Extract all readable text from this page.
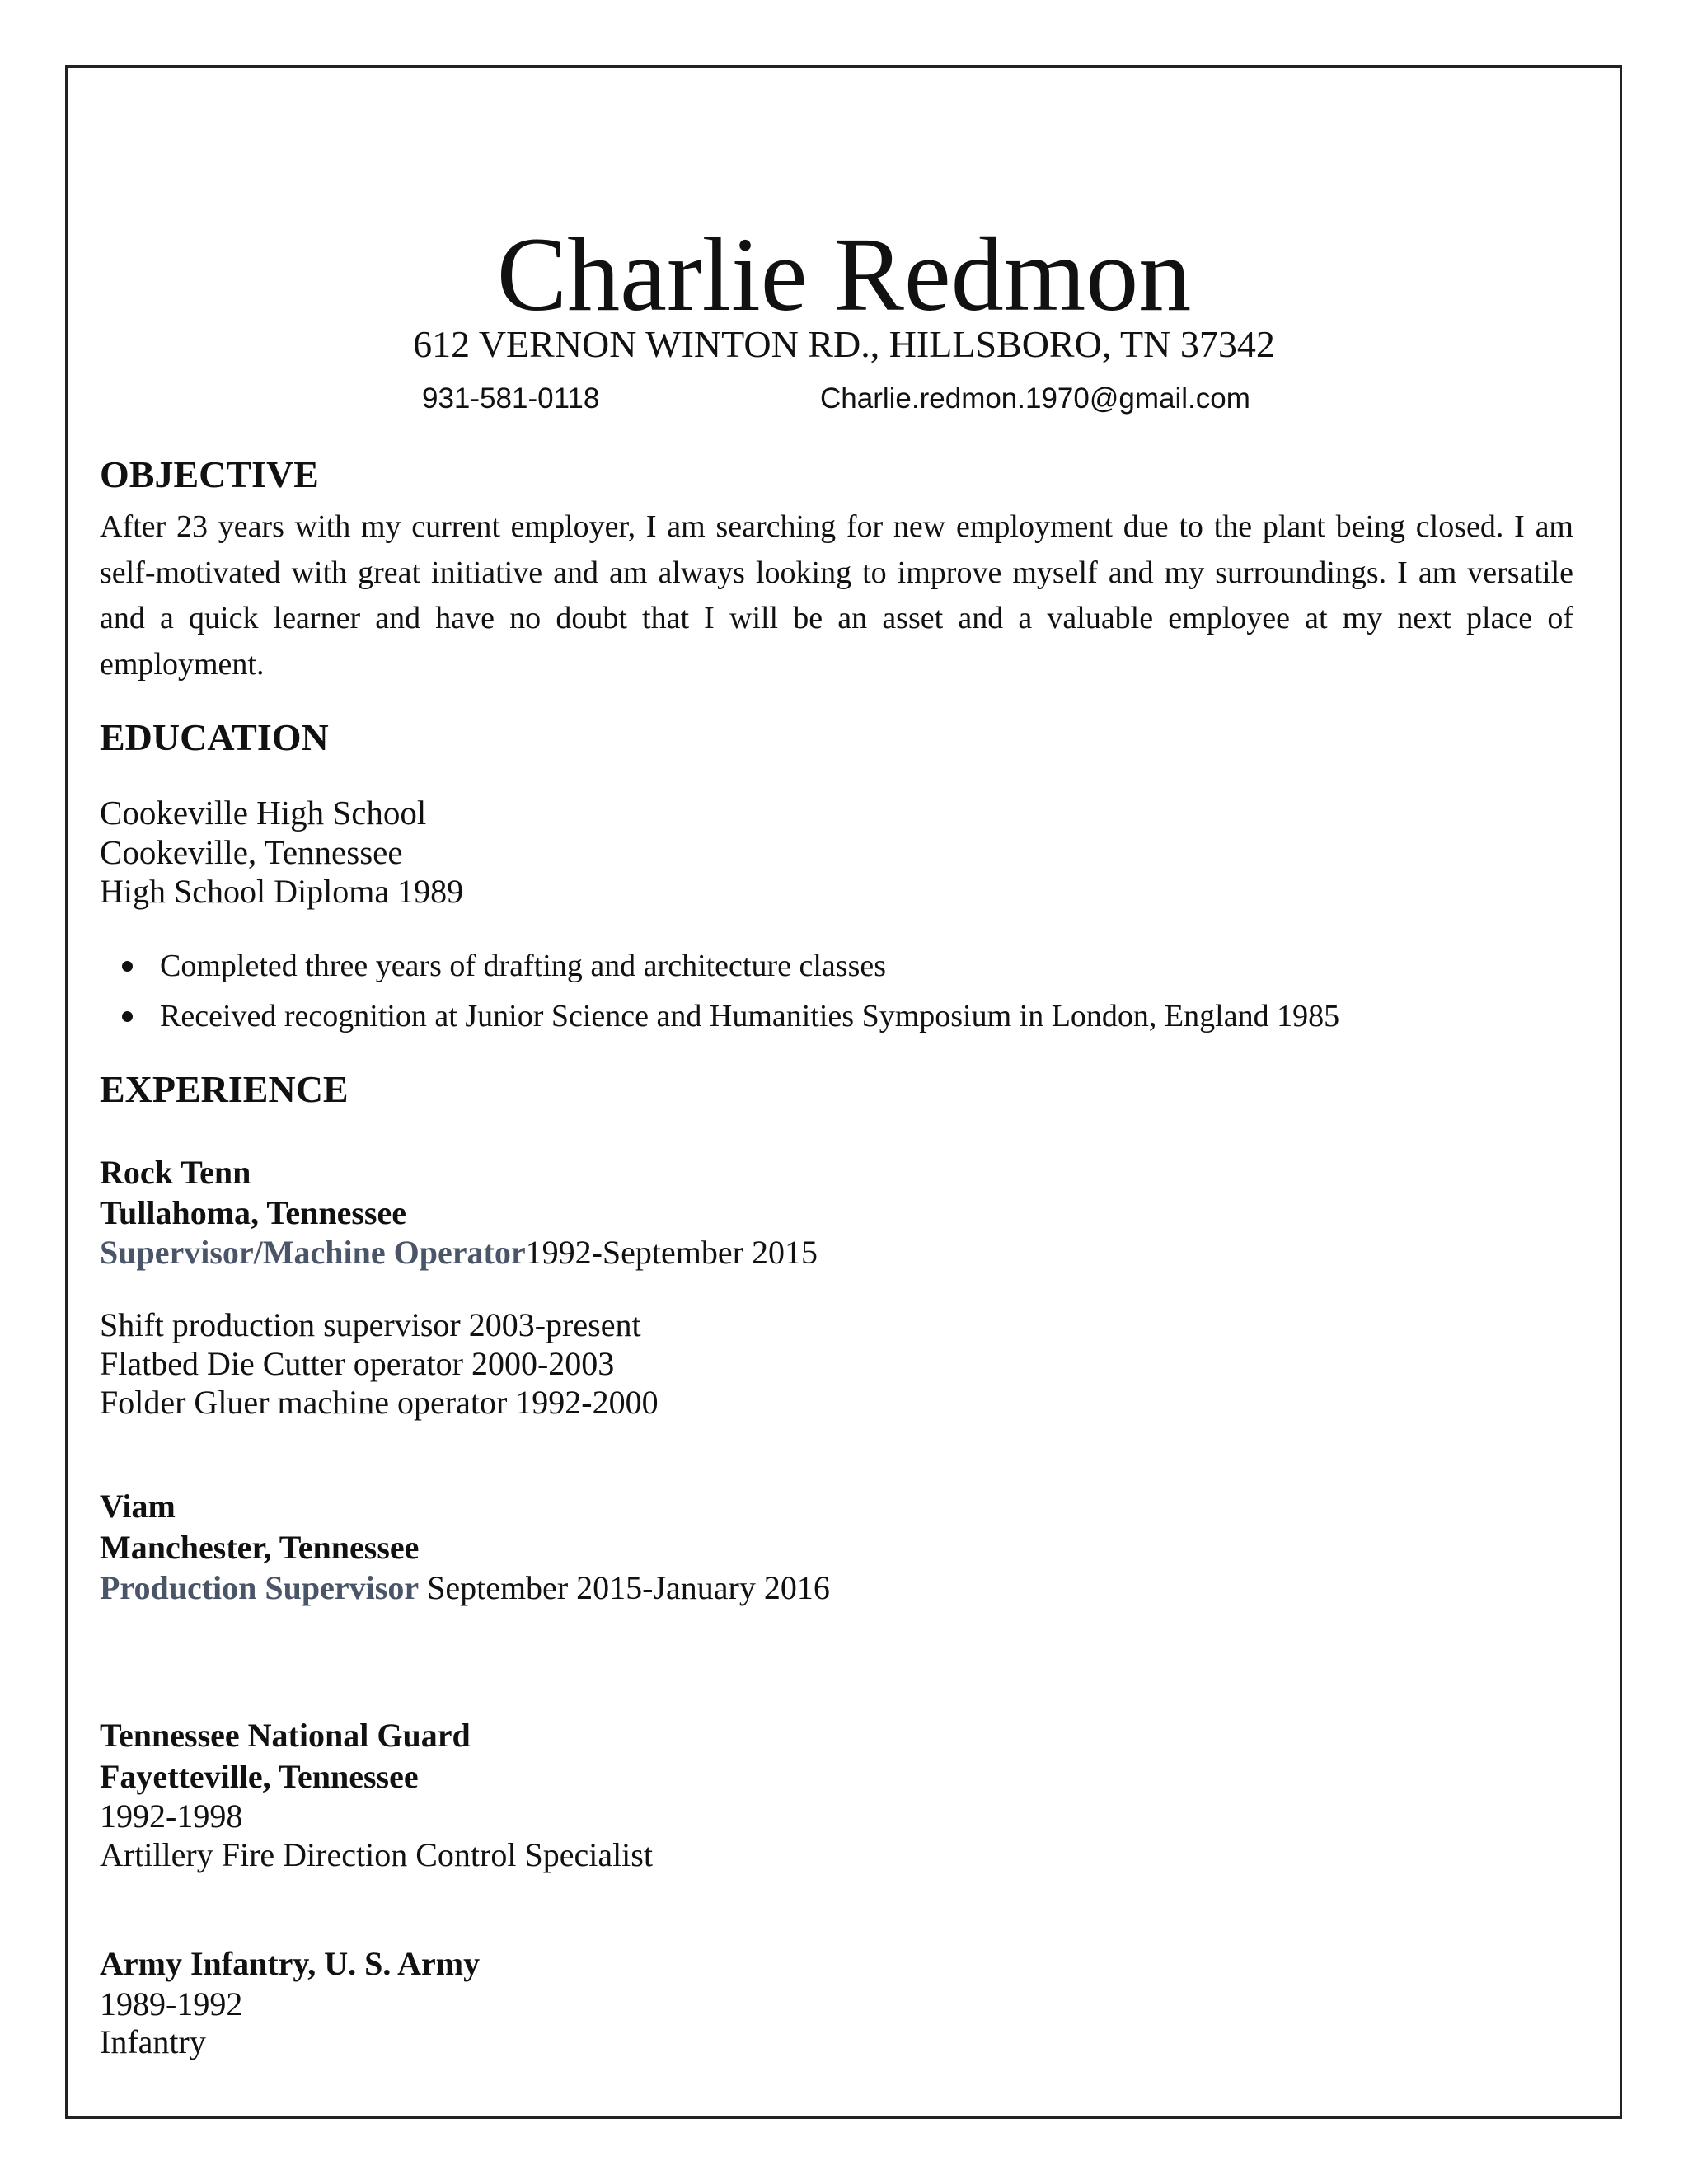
Charlie Redmon
612 VERNON WINTON RD., HILLSBORO, TN 37342
931-581-0118	Charlie.redmon.1970@gmail.com
OBJECTIVE
After 23 years with my current employer, I am searching for new employment due to the plant being closed. I am self-motivated with great initiative and am always looking to improve myself and my surroundings. I am versatile and a quick learner and have no doubt that I will be an asset and a valuable employee at my next place of employment.
EDUCATION
Cookeville High School
Cookeville, Tennessee
High School Diploma 1989
Completed three years of drafting and architecture classes
Received recognition at Junior Science and Humanities Symposium in London, England 1985
EXPERIENCE
Rock Tenn
Tullahoma, Tennessee
Supervisor/Machine Operator1992-September 2015
Shift production supervisor 2003-present
Flatbed Die Cutter operator 2000-2003
Folder Gluer machine operator 1992-2000
Viam
Manchester, Tennessee
Production Supervisor September 2015-January 2016
Tennessee National Guard
Fayetteville, Tennessee
1992-1998
Artillery Fire Direction Control Specialist
Army Infantry, U. S. Army
1989-1992
Infantry
